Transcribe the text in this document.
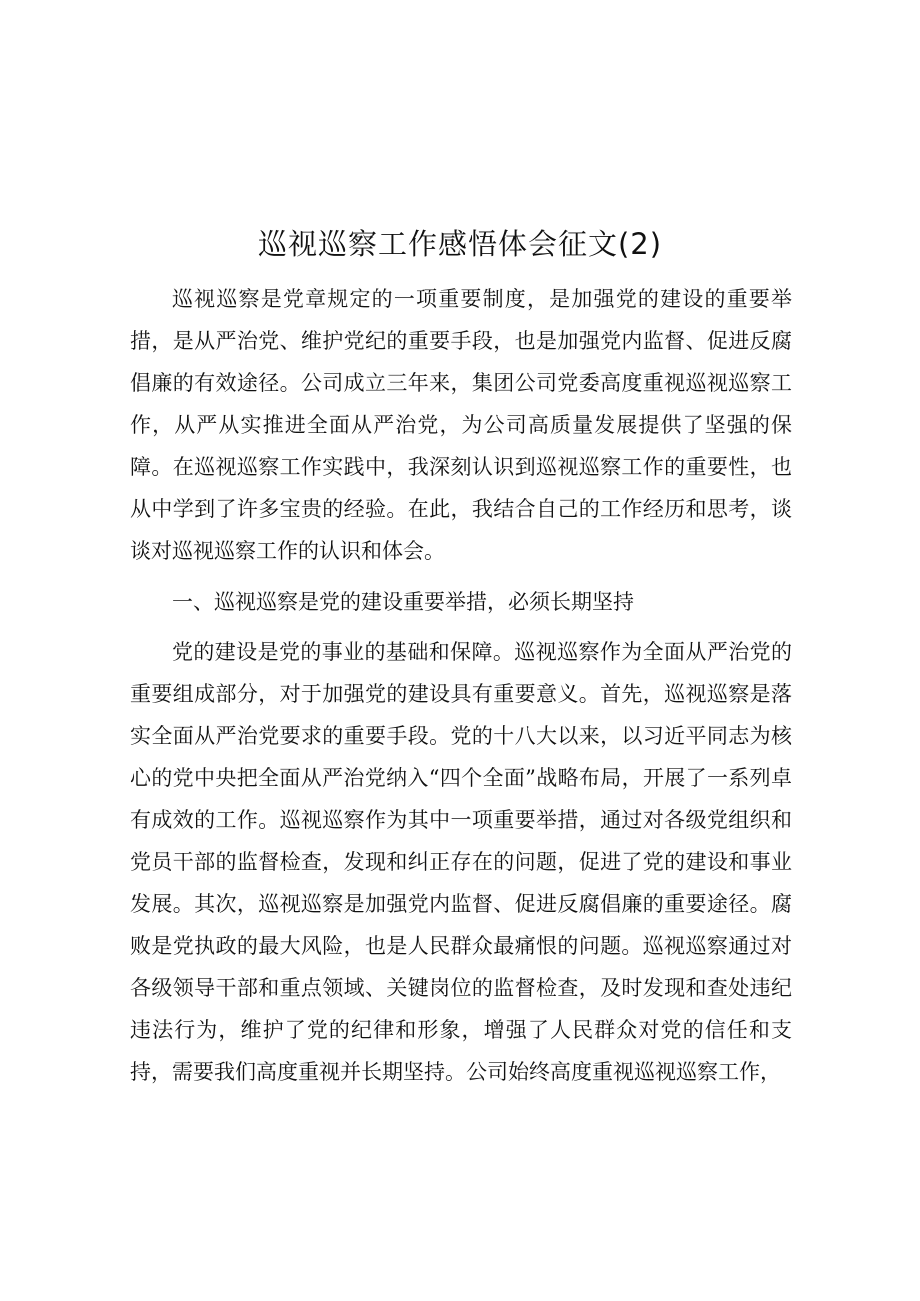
巡视巡察工作感悟体会征文(2)

巡视巡察是党章规定的一项重要制度，是加强党的建设的重要举措，是从严治党、维护党纪的重要手段，也是加强党内监督、促进反腐倡廉的有效途径。公司成立三年来，集团公司党委高度重视巡视巡察工作，从严从实推进全面从严治党，为公司高质量发展提供了坚强的保障。在巡视巡察工作实践中，我深刻认识到巡视巡察工作的重要性，也从中学到了许多宝贵的经验。在此，我结合自己的工作经历和思考，谈谈对巡视巡察工作的认识和体会。

一、巡视巡察是党的建设重要举措，必须长期坚持

党的建设是党的事业的基础和保障。巡视巡察作为全面从严治党的重要组成部分，对于加强党的建设具有重要意义。首先，巡视巡察是落实全面从严治党要求的重要手段。党的十八大以来，以习近平同志为核心的党中央把全面从严治党纳入“四个全面”战略布局，开展了一系列卓有成效的工作。巡视巡察作为其中一项重要举措，通过对各级党组织和党员干部的监督检查，发现和纠正存在的问题，促进了党的建设和事业发展。其次，巡视巡察是加强党内监督、促进反腐倡廉的重要途径。腐败是党执政的最大风险，也是人民群众最痛恨的问题。巡视巡察通过对各级领导干部和重点领域、关键岗位的监督检查，及时发现和查处违纪违法行为，维护了党的纪律和形象，增强了人民群众对党的信任和支持，需要我们高度重视并长期坚持。公司始终高度重视巡视巡察工作，
